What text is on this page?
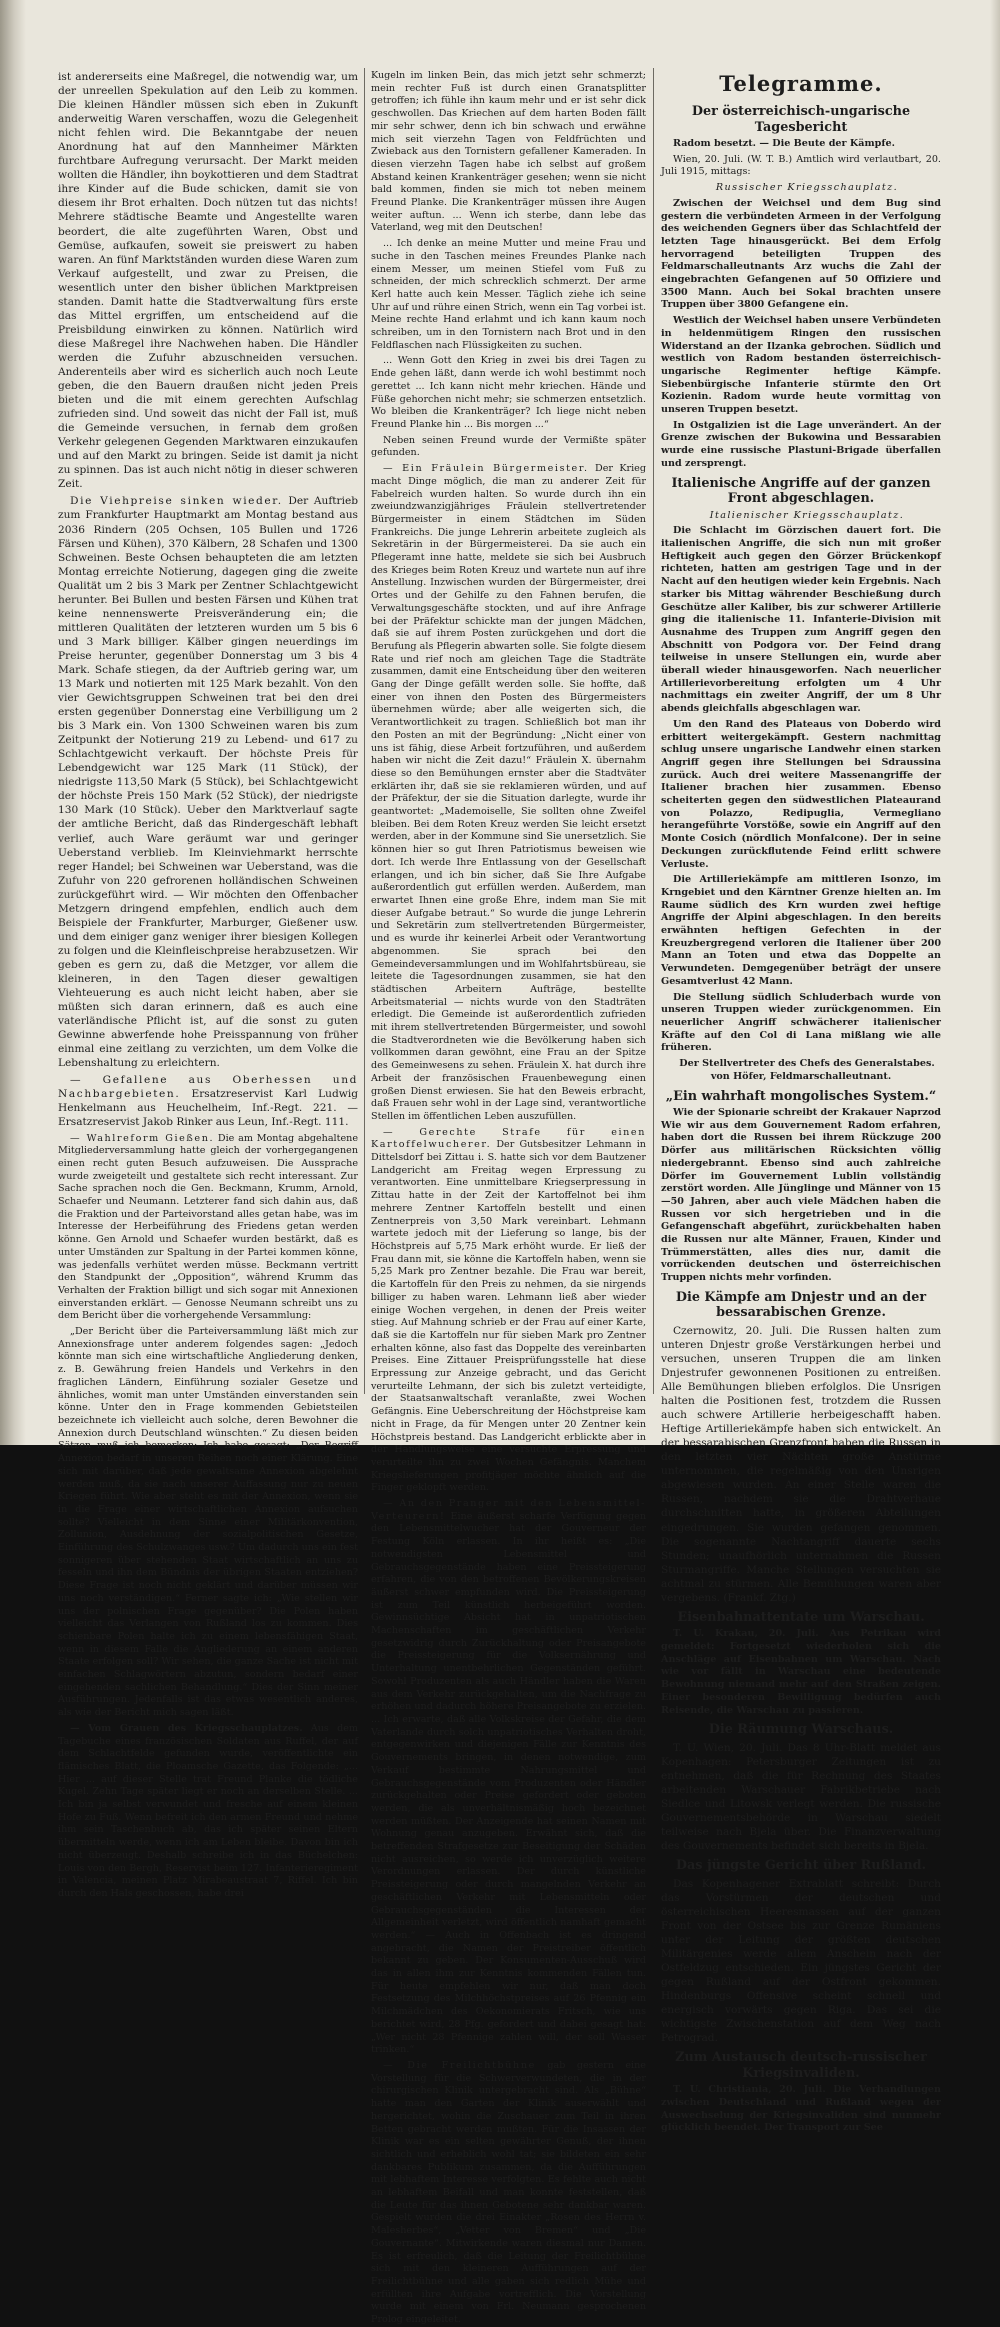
ist andererseits eine Maßregel, die notwendig war, um der unreellen Spekulation auf den Leib zu kommen. Die kleinen Händler müssen sich eben in Zukunft anderweitig Waren verschaffen, wozu die Gelegenheit nicht fehlen wird. Die Bekanntgabe der neuen Anordnung hat auf den Mannheimer Märkten furchtbare Aufregung verursacht. Der Markt meiden wollten die Händler, ihn boykottieren und dem Stadtrat ihre Kinder auf die Bude schicken, damit sie von diesem ihr Brot erhalten. Doch nützen tut das nichts! Mehrere städtische Beamte und Angestellte waren beordert, die alte zugeführten Waren, Obst und Gemüse, aufkaufen, soweit sie preiswert zu haben waren. An fünf Marktständen wurden diese Waren zum Verkauf aufgestellt, und zwar zu Preisen, die wesentlich unter den bisher üblichen Marktpreisen standen. Damit hatte die Stadtverwaltung fürs erste das Mittel ergriffen, um entscheidend auf die Preisbildung einwirken zu können. Natürlich wird diese Maßregel ihre Nachwehen haben. Die Händler werden die Zufuhr abzuschneiden versuchen. Anderenteils aber wird es sicherlich auch noch Leute geben, die den Bauern draußen nicht jeden Preis bieten und die mit einem gerechten Aufschlag zufrieden sind. Und soweit das nicht der Fall ist, muß die Gemeinde versuchen, in fernab dem großen Verkehr gelegenen Gegenden Marktwaren einzukaufen und auf den Markt zu bringen. Seide ist damit ja nicht zu spinnen. Das ist auch nicht nötig in dieser schweren Zeit.

Die Viehpreise sinken wieder. Der Auftrieb zum Frankfurter Hauptmarkt am Montag bestand aus 2036 Rindern (205 Ochsen, 105 Bullen und 1726 Färsen und Kühen), 370 Kälbern, 28 Schafen und 1300 Schweinen. Beste Ochsen behaupteten die am letzten Montag erreichte Notierung, dagegen ging die zweite Qualität um 2 bis 3 Mark per Zentner Schlachtgewicht herunter. Bei Bullen und besten Färsen und Kühen trat keine nennenswerte Preisveränderung ein; die mittleren Qualitäten der letzteren wurden um 5 bis 6 und 3 Mark billiger. Kälber gingen neuerdings im Preise herunter, gegenüber Donnerstag um 3 bis 4 Mark. Schafe stiegen, da der Auftrieb gering war, um 13 Mark und notierten mit 125 Mark bezahlt. Von den vier Gewichtsgruppen Schweinen trat bei den drei ersten gegenüber Donnerstag eine Verbilligung um 2 bis 3 Mark ein. Von 1300 Schweinen waren bis zum Zeitpunkt der Notierung 219 zu Lebend- und 617 zu Schlachtgewicht verkauft. Der höchste Preis für Lebendgewicht war 125 Mark (11 Stück), der niedrigste 113,50 Mark (5 Stück), bei Schlachtgewicht der höchste Preis 150 Mark (52 Stück), der niedrigste 130 Mark (10 Stück). Ueber den Marktverlauf sagte der amtliche Bericht, daß das Rindergeschäft lebhaft verlief, auch Ware geräumt war und geringer Ueberstand verblieb. Im Kleinviehmarkt herrschte reger Handel; bei Schweinen war Ueberstand, was die Zufuhr von 220 gefrorenen holländischen Schweinen zurückgeführt wird. — Wir möchten den Offenbacher Metzgern dringend empfehlen, endlich auch dem Beispiele der Frankfurter, Marburger, Gießener usw. und dem einiger ganz weniger ihrer biesigen Kollegen zu folgen und die Kleinfleischpreise herabzusetzen. Wir geben es gern zu, daß die Metzger, vor allem die kleineren, in den Tagen dieser gewaltigen Viehteuerung es auch nicht leicht haben, aber sie müßten sich daran erinnern, daß es auch eine vaterländische Pflicht ist, auf die sonst zu guten Gewinne abwerfende hohe Preisspannung von früher einmal eine zeitlang zu verzichten, um dem Volke die Lebenshaltung zu erleichtern.

— Gefallene aus Oberhessen und Nachbargebieten. Ersatzreservist Karl Ludwig Henkelmann aus Heuchelheim, Inf.-Regt. 221. — Ersatzreservist Jakob Rinker aus Leun, Inf.-Regt. 111.

— Wahlreform Gießen. Die am Montag abgehaltene Mitgliederversammlung hatte gleich der vorhergegangenen einen recht guten Besuch aufzuweisen. Die Aussprache wurde zweigeteilt und gestaltete sich recht interessant. Zur Sache sprachen noch die Gen. Beckmann, Krumm, Arnold, Schaefer und Neumann. Letzterer fand sich dahin aus, daß die Fraktion und der Parteivorstand alles getan habe, was im Interesse der Herbeiführung des Friedens getan werden könne. Gen Arnold und Schaefer wurden bestärkt, daß es unter Umständen zur Spaltung in der Partei kommen könne, was jedenfalls verhütet werden müsse. Beckmann vertritt den Standpunkt der „Opposition“, während Krumm das Verhalten der Fraktion billigt und sich sogar mit Annexionen einverstanden erklärt. — Genosse Neumann schreibt uns zu dem Bericht über die vorhergehende Versammlung:

„Der Bericht über die Parteiversammlung läßt mich zur Annexionsfrage unter anderem folgendes sagen: „Jedoch könnte man sich eine wirtschaftliche Angliederung denken, z. B. Gewährung freien Handels und Verkehrs in den fraglichen Ländern, Einführung sozialer Gesetze und ähnliches, womit man unter Umständen einverstanden sein könne. Unter den in Frage kommenden Gebietsteilen bezeichnete ich vielleicht auch solche, deren Bewohner die Annexion durch Deutschland wünschten.“ Zu diesen beiden Sätzen muß ich bemerken: Ich habe gesagt: „Der Begriff Annexion bedarf in unseren Reihen noch einer Klärung. Eine sich mit darüber, daß jede gewaltsame Annexion abgelehnt werden muß, da sie nach unserer Auffassung nur zu neuen Kriegen führt. Wie aber steht es mit der Annexion, wenn sie in die Frage einer wirtschaftlichen Annexion aufsuchen sollte? Vielleicht in dem Sinne einer Militärkonvention, Zollunion, Ausdehnung der sozialpolitischen Gesetze, Einführung des Schulzwanges usw.? Um dadurch uns ein fest sonnigeren über stehenden Staat wirtschaftlich an uns zu fesseln und ihn dem Bündnis der übrigen Staaten entziehen? Diese Frage ist noch nicht geklärt und darüber müssen wir uns noch verständigen.“ Ferner sagte ich: „Wie stellen wir uns der polnischen Frage gegenüber? Die Polen haben vielleicht das Verlangen von Rußland los zu kommen. Dies schienbare Polen halte ich zu einem lebensfähigen Staat, wenn in diesem Falle die Angliederung an einem anderen Staate erfolgen soll? Wir sehen, die ganze Sache ist nicht mit einfachen Schlagwörtern abzutun, sondern bedarf einer eingehenden sachlichen Behandlung.“ Dies der Sinn meiner Ausführungen. Jedenfalls ist das etwas wesentlich anderes, als wie der Bericht mich sagen läßt.

— Vom Grauen des Kriegsschauplatzes. Aus dem Tagebuche eines französischen Soldaten aus Ruffel, der auf dem Schlachtfelde gefunden wurde, veröffentlichte ein flämisches Blatt, die Ploamsche Gazette, das Folgende: „... Hier ... auf dieser Stelle trat Freund Planke die tödliche Kugel. Zehn Tage später liegt er noch an derselben Stelle. ... Ich bin ja selbst verwundet und fresche auf einem kleinen Hofe zu Fuß. Wenn befreit ich den armen Freund und nehme ihm sein Taschenbuch ab, das ich später seinen Eltern übermitteln werde, wenn ich am Leben bleibe. Davon bin ich nicht überzeugt. Deshalb schreibe ich in das Büchelchen: Louis von den Bergh, Reservist beim 127. Infanterieregiment in Valencia, meinen Platz Mirabeaustraat 7, Riffel. Ich bin durch den Hals geschossen, habe drei

Kugeln im linken Bein, das mich jetzt sehr schmerzt; mein rechter Fuß ist durch einen Granatsplitter getroffen; ich fühle ihn kaum mehr und er ist sehr dick geschwollen. Das Kriechen auf dem harten Boden fällt mir sehr schwer, denn ich bin schwach und erwähne mich seit vierzehn Tagen von Feldfrüchten und Zwieback aus den Tornistern gefallener Kameraden. In diesen vierzehn Tagen habe ich selbst auf großem Abstand keinen Krankenträger gesehen; wenn sie nicht bald kommen, finden sie mich tot neben meinem Freund Planke. Die Krankenträger müssen ihre Augen weiter auftun. ... Wenn ich sterbe, dann lebe das Vaterland, weg mit den Deutschen!

... Ich denke an meine Mutter und meine Frau und suche in den Taschen meines Freundes Planke nach einem Messer, um meinen Stiefel vom Fuß zu schneiden, der mich schrecklich schmerzt. Der arme Kerl hatte auch kein Messer. Täglich ziehe ich seine Uhr auf und rühre einen Strich, wenn ein Tag vorbei ist. Meine rechte Hand erlahmt und ich kann kaum noch schreiben, um in den Tornistern nach Brot und in den Feldflaschen nach Flüssigkeiten zu suchen.

... Wenn Gott den Krieg in zwei bis drei Tagen zu Ende gehen läßt, dann werde ich wohl bestimmt noch gerettet ... Ich kann nicht mehr kriechen. Hände und Füße gehorchen nicht mehr; sie schmerzen entsetzlich. Wo bleiben die Krankenträger? Ich liege nicht neben Freund Planke hin ... Bis morgen ...“

Neben seinen Freund wurde der Vermißte später gefunden.

— Ein Fräulein Bürgermeister. Der Krieg macht Dinge möglich, die man zu anderer Zeit für Fabelreich wurden halten. So wurde durch ihn ein zweiundzwanzigjähriges Fräulein stellvertretender Bürgermeister in einem Städtchen im Süden Frankreichs. Die junge Lehrerin arbeitete zugleich als Sekretärin in der Bürgermeisterei. Da sie auch ein Pflegeramt inne hatte, meldete sie sich bei Ausbruch des Krieges beim Roten Kreuz und wartete nun auf ihre Anstellung. Inzwischen wurden der Bürgermeister, drei Ortes und der Gehilfe zu den Fahnen berufen, die Verwaltungsgeschäfte stockten, und auf ihre Anfrage bei der Präfektur schickte man der jungen Mädchen, daß sie auf ihrem Posten zurückgehen und dort die Berufung als Pflegerin abwarten solle. Sie folgte diesem Rate und rief noch am gleichen Tage die Stadträte zusammen, damit eine Entscheidung über den weiteren Gang der Dinge gefällt werden solle. Sie hoffte, daß einer von ihnen den Posten des Bürgermeisters übernehmen würde; aber alle weigerten sich, die Verantwortlichkeit zu tragen. Schließlich bot man ihr den Posten an mit der Begründung: „Nicht einer von uns ist fähig, diese Arbeit fortzuführen, und außerdem haben wir nicht die Zeit dazu!“ Fräulein X. übernahm diese so den Bemühungen ernster aber die Stadtväter erklärten ihr, daß sie sie reklamieren würden, und auf der Präfektur, der sie die Situation darlegte, wurde ihr geantwortet: „Mademoiselle, Sie sollten ohne Zweifel bleiben. Bei dem Roten Kreuz werden Sie leicht ersetzt werden, aber in der Kommune sind Sie unersetzlich. Sie können hier so gut Ihren Patriotismus beweisen wie dort. Ich werde Ihre Entlassung von der Gesellschaft erlangen, und ich bin sicher, daß Sie Ihre Aufgabe außerordentlich gut erfüllen werden. Außerdem, man erwartet Ihnen eine große Ehre, indem man Sie mit dieser Aufgabe betraut.“ So wurde die junge Lehrerin und Sekretärin zum stellvertretenden Bürgermeister, und es wurde ihr keinerlei Arbeit oder Verantwortung abgenommen. Sie sprach bei den Gemeindeversammlungen und im Wohlfahrtsbüreau, sie leitete die Tagesordnungen zusammen, sie hat den städtischen Arbeitern Aufträge, bestellte Arbeitsmaterial — nichts wurde von den Stadträten erledigt. Die Gemeinde ist außerordentlich zufrieden mit ihrem stellvertretenden Bürgermeister, und sowohl die Stadtverordneten wie die Bevölkerung haben sich vollkommen daran gewöhnt, eine Frau an der Spitze des Gemeinwesens zu sehen. Fräulein X. hat durch ihre Arbeit der französischen Frauenbewegung einen großen Dienst erwiesen. Sie hat den Beweis erbracht, daß Frauen sehr wohl in der Lage sind, verantwortliche Stellen im öffentlichen Leben auszufüllen.

— Gerechte Strafe für einen Kartoffelwucherer. Der Gutsbesitzer Lehmann in Dittelsdorf bei Zittau i. S. hatte sich vor dem Bautzener Landgericht am Freitag wegen Erpressung zu verantworten. Eine unmittelbare Kriegserpressung in Zittau hatte in der Zeit der Kartoffelnot bei ihm mehrere Zentner Kartoffeln bestellt und einen Zentnerpreis von 3,50 Mark vereinbart. Lehmann wartete jedoch mit der Lieferung so lange, bis der Höchstpreis auf 5,75 Mark erhöht wurde. Er ließ der Frau dann mit, sie könne die Kartoffeln haben, wenn sie 5,25 Mark pro Zentner bezahle. Die Frau war bereit, die Kartoffeln für den Preis zu nehmen, da sie nirgends billiger zu haben waren. Lehmann ließ aber wieder einige Wochen vergehen, in denen der Preis weiter stieg. Auf Mahnung schrieb er der Frau auf einer Karte, daß sie die Kartoffeln nur für sieben Mark pro Zentner erhalten könne, also fast das Doppelte des vereinbarten Preises. Eine Zittauer Preisprüfungsstelle hat diese Erpressung zur Anzeige gebracht, und das Gericht verurteilte Lehmann, der sich bis zuletzt verteidigte, der Staatsanwaltschaft veranlaßte, zwei Wochen Gefängnis. Eine Ueberschreitung der Höchstpreise kam nicht in Frage, da für Mengen unter 20 Zentner kein Höchstpreis bestand. Das Landgericht erblickte aber in der Handlungsweise eine versuchte Erpressung und verurteilte ihn zu zwei Wochen Gefängnis. Manchem Kriegslieferungen profitjäger möchte ähnlich auf die Finger geklopft werden.

— An den Pranger mit den Lebensmittel-Verteurern! Eine äußerst scharfe Verfügung gegen den Lebensmittelwucher hat der Gouverneur der Festung Köln erlassen. In ihr heißt es: „Die notwendigsten Lebensmittel und Gebrauchsgegenstände haben eine Preissteigerung erfahren, die von den betroffenen Bevölkerungskreisen äußerst schwer empfunden wird. Die Preissteigerung ist zum Teil künstlich herbeigeführt worden. Gewinnsüchtige Absicht hat in unpatriotischen Machenschaften im geschäftlichen Verkehr gesetzwidrig durch Zurückhaltung oder Preisangebote die Preissteigerung für die Volksernährung und Unterhaltung unentbehrlichen Gegenständen geführt. Sowohl Produzenten als auch Händler haben die Waren aus dem Verkehr zurückgehalten, um die Nachfrage zu erhöhen und dadurch höhere Preisangebote zu erzielen. ... Ich erwarte, daß alle Volkskreise der Gefahr, die dem Vaterlande durch solch unpatriotisches Verhalten droht, entgegenwirken und diejenigen Fälle zur Kenntnis des Gouvernements bringen, in denen notwendige, zum Verkauf bestimmte Nahrungsmittel und Gebrauchsgegenstände vom Produzenten oder Händler zurückgehalten oder Preise gefordert oder geboten werden, die als unverhältnismäßig hoch bezeichnet werden müßten. Der Anzeigende hat seinen Namen mit Wohnung genau anzugeben. Erwähnt sich, daß die betreffenden Strafgesetze zur Beseitigung der Schäden nicht ausreichen, so werde ich unverzüglich weitere Verordnungen erlassen. Der durch künstliche Preissteigerung oder durch mangelnden Verkehr an geschäftlichen Verkehr mit Lebensmitteln oder Gebrauchsgegenständen die Interessen der Allgemeinheit verletzt, wird öffentlich namhaft gemacht werden.“ — Auch in Offenbach ist es dringend angebracht, die Namen der Preistreiber öffentlich bekannt zu geben. Der Konsumenten-Ausschuß wird das in allen ihm zur Kenntnis kommenden Fällen tun. Für heute empfehlen wir nur, daß man doch Festsetzung des Milchhöchstpreises auf 26 Pfennig ein Milchmädchen des Oekonomierats Fritsch, wie uns berichtet wird, 28 Pfg. gefordert und dabei gesagt hat: „Wer nicht 28 Pfennige zahlen will, der soll Wasser trinken.“

— Die Freilichtbühne gab gestern eine Vorstellung für die Schwerverwundeten, die in der chirurgischen Klinik untergebracht sind. Als „Bühne“ hatte man den Garten der Klinik auserwählt und hergerichtet, wohin die Zuschauer zum Teil in ihren Betten gebracht werden mußten. Für die Insassen der Klinik war es ein selten gewährter Genuß, der ihnen sichtlich und erheblich wohl tat; sie bildeten ein sehr dankbares Publikum zusammen, da die Aufführungen mit lebhaftem Interesse verfolgten. Es fehlte auch nicht an lebhaftem Beifall und man konnte feststellen, daß die Leute für das ihnen Gebotene sehr dankbar waren. Gespielt wurden die drei Einakter „Rosen des Herrn v. Malesherbes“, „Vetter von Bremen“ und „Die Gouvernante“. Mitwirkende waren diesmal nur Damen. Es ist erfreulich, daß die Leitung der Freilichtbühne sich mit den kleineren Aufführungen auf der Freilichtbühne und alle gaben sich redlich Mühe und erfüllten ihre Aufgabe vortrefflich. Die Vorstellung wurde mit einem von Frl. Neumann gesprochenen Prolog eingeleitet.

Telegramme.
Der österreichisch-ungarische Tagesbericht

Radom besetzt. — Die Beute der Kämpfe.

Wien, 20. Juli. (W. T. B.) Amtlich wird verlautbart, 20. Juli 1915, mittags:

Russischer Kriegsschauplatz.

Zwischen der Weichsel und dem Bug sind gestern die verbündeten Armeen in der Verfolgung des weichenden Gegners über das Schlachtfeld der letzten Tage hinausgerückt. Bei dem Erfolg hervorragend beteiligten Truppen des Feldmarschalleutnants Arz wuchs die Zahl der eingebrachten Gefangenen auf 50 Offiziere und 3500 Mann. Auch bei Sokal brachten unsere Truppen über 3800 Gefangene ein.

Westlich der Weichsel haben unsere Verbündeten in heldenmütigem Ringen den russischen Widerstand an der Ilzanka gebrochen. Südlich und westlich von Radom bestanden österreichisch-ungarische Regimenter heftige Kämpfe. Siebenbürgische Infanterie stürmte den Ort Kozienin. Radom wurde heute vormittag von unseren Truppen besetzt.

In Ostgalizien ist die Lage unverändert. An der Grenze zwischen der Bukowina und Bessarabien wurde eine russische Plastuni-Brigade überfallen und zersprengt.

Italienische Angriffe auf der ganzen Front abgeschlagen.

Italienischer Kriegsschauplatz.

Die Schlacht im Görzischen dauert fort. Die italienischen Angriffe, die sich nun mit großer Heftigkeit auch gegen den Görzer Brückenkopf richteten, hatten am gestrigen Tage und in der Nacht auf den heutigen wieder kein Ergebnis. Nach starker bis Mittag währender Beschießung durch Geschütze aller Kaliber, bis zur schwerer Artillerie ging die italienische 11. Infanterie-Division mit Ausnahme des Truppen zum Angriff gegen den Abschnitt von Podgora vor. Der Feind drang teilweise in unsere Stellungen ein, wurde aber überall wieder hinausgeworfen. Nach neuerlicher Artillerievorbereitung erfolgten um 4 Uhr nachmittags ein zweiter Angriff, der um 8 Uhr abends gleichfalls abgeschlagen war.

Um den Rand des Plateaus von Doberdo wird erbittert weitergekämpft. Gestern nachmittag schlug unsere ungarische Landwehr einen starken Angriff gegen ihre Stellungen bei Sdraussina zurück. Auch drei weitere Massenangriffe der Italiener brachen hier zusammen. Ebenso scheiterten gegen den südwestlichen Plateaurand von Polazzo, Redipuglia, Vermegliano herangeführte Vorstöße, sowie ein Angriff auf den Monte Cosich (nördlich Monfalcone). Der in seine Deckungen zurückflutende Feind erlitt schwere Verluste.

Die Artilleriekämpfe am mittleren Isonzo, im Krngebiet und den Kärntner Grenze hielten an. Im Raume südlich des Krn wurden zwei heftige Angriffe der Alpini abgeschlagen. In den bereits erwähnten heftigen Gefechten in der Kreuzbergregend verloren die Italiener über 200 Mann an Toten und etwa das Doppelte an Verwundeten. Demgegenüber beträgt der unsere Gesamtverlust 42 Mann.

Die Stellung südlich Schluderbach wurde von unseren Truppen wieder zurückgenommen. Ein neuerlicher Angriff schwächerer italienischer Kräfte auf den Col di Lana mißlang wie alle früheren.

Der Stellvertreter des Chefs des Generalstabes. von Höfer, Feldmarschalleutnant.

„Ein wahrhaft mongolisches System.“

Wie der Spionarie schreibt der Krakauer Naprzod Wie wir aus dem Gouvernement Radom erfahren, haben dort die Russen bei ihrem Rückzuge 200 Dörfer aus militärischen Rücksichten völlig niedergebrannt. Ebenso sind auch zahlreiche Dörfer im Gouvernement Lublin vollständig zerstört worden. Alle Jünglinge und Männer von 15—50 Jahren, aber auch viele Mädchen haben die Russen vor sich hergetrieben und in die Gefangenschaft abgeführt, zurückbehalten haben die Russen nur alte Männer, Frauen, Kinder und Trümmerstätten, alles dies nur, damit die vorrückenden deutschen und österreichischen Truppen nichts mehr vorfinden.

Die Kämpfe am Dnjestr und an der bessarabischen Grenze.

Czernowitz, 20. Juli. Die Russen halten zum unteren Dnjestr große Verstärkungen herbei und versuchen, unseren Truppen die am linken Dnjestrufer gewonnenen Positionen zu entreißen. Alle Bemühungen blieben erfolglos. Die Unsrigen halten die Positionen fest, trotzdem die Russen auch schwere Artillerie herbeigeschafft haben. Heftige Artilleriekämpfe haben sich entwickelt. An der bessarabischen Grenzfront haben die Russen in den letzten vier Nächten große Anstürme unternommen, die regelmäßig von den Unsrigen abgewiesen wurden. An einer Stelle waren die Russen, nachdem sie die Drahtverhaue durchschnitten hatte, in größeren Abteilungen eingedrungen. Sie wurden gefangen genommen. Die sogenannte Nachtangriff dauerte sechs Stunden; unaufhörlich unternahmen die Russen Sturmangriffe. Manche Stellungen versuchten sie achtmal zu stürmen. Alle Bemühungen waren aber vergebens. (Frankf. Ztg.)

Eisenbahnattentate um Warschau.

T. U. Krakau, 20. Juli. Aus Petrikau wird gemeldet: Fortgesetzt wiederholen sich die Anschläge auf Eisenbahnen um Warschau. Nach wie vor fällt in Warschau eine bedeutende Bewohnung niemand mehr auf den Straßen zeigen. Einer besonderen Bewilligung bedürfen auch Reisende, die Warschau zu passieren.

Die Räumung Warschaus.

T. U. Wien, 20. Juli. Das 8 Uhr-Blatt meldet aus Kopenhagen: Petersburger Zeitungen ist zu entnehmen, daß die für Rechnung des Staates arbeitenden Warschauer Fabrikbetriebe nach Siedlce und Litowsk verlegt werden. Die russische Gouvernementsbehörde in Warschau siedelt teilweise nach Bjela über. Die Finanzverwaltung des Gouvernements befindet sich bereits in Bjela.

Das jüngste Gericht über Rußland.

Das Kopenhagener Extrablatt schreibt: Durch das Vorstürmen der deutschen und österreichischen Heeresmassen auf der ganzen Front von der Ostsee bis zur Grenze Rumäniens unter der Leitung der größten deutschen Militärgenies werde allem Anschein nach der Ostfeldzug entschieden. Ein jüngstes Gericht der gegen Rußland auf der Ostfront gekommen. Hindenburgs Offensive scheint schnell und energisch vorwärts gegen Riga. Das sei die wichtigste Zwischenstation auf dem Weg nach Petrograd.

Zum Austausch deutsch-russischer Kriegsinvaliden.

T. U. Christiania, 20. Juli. Die Verhandlungen zwischen Deutschland und Rußland wegen der Auswechselung der Kriegsinvaliden sind nunmehr glücklich beendet. Der Transport zur See
